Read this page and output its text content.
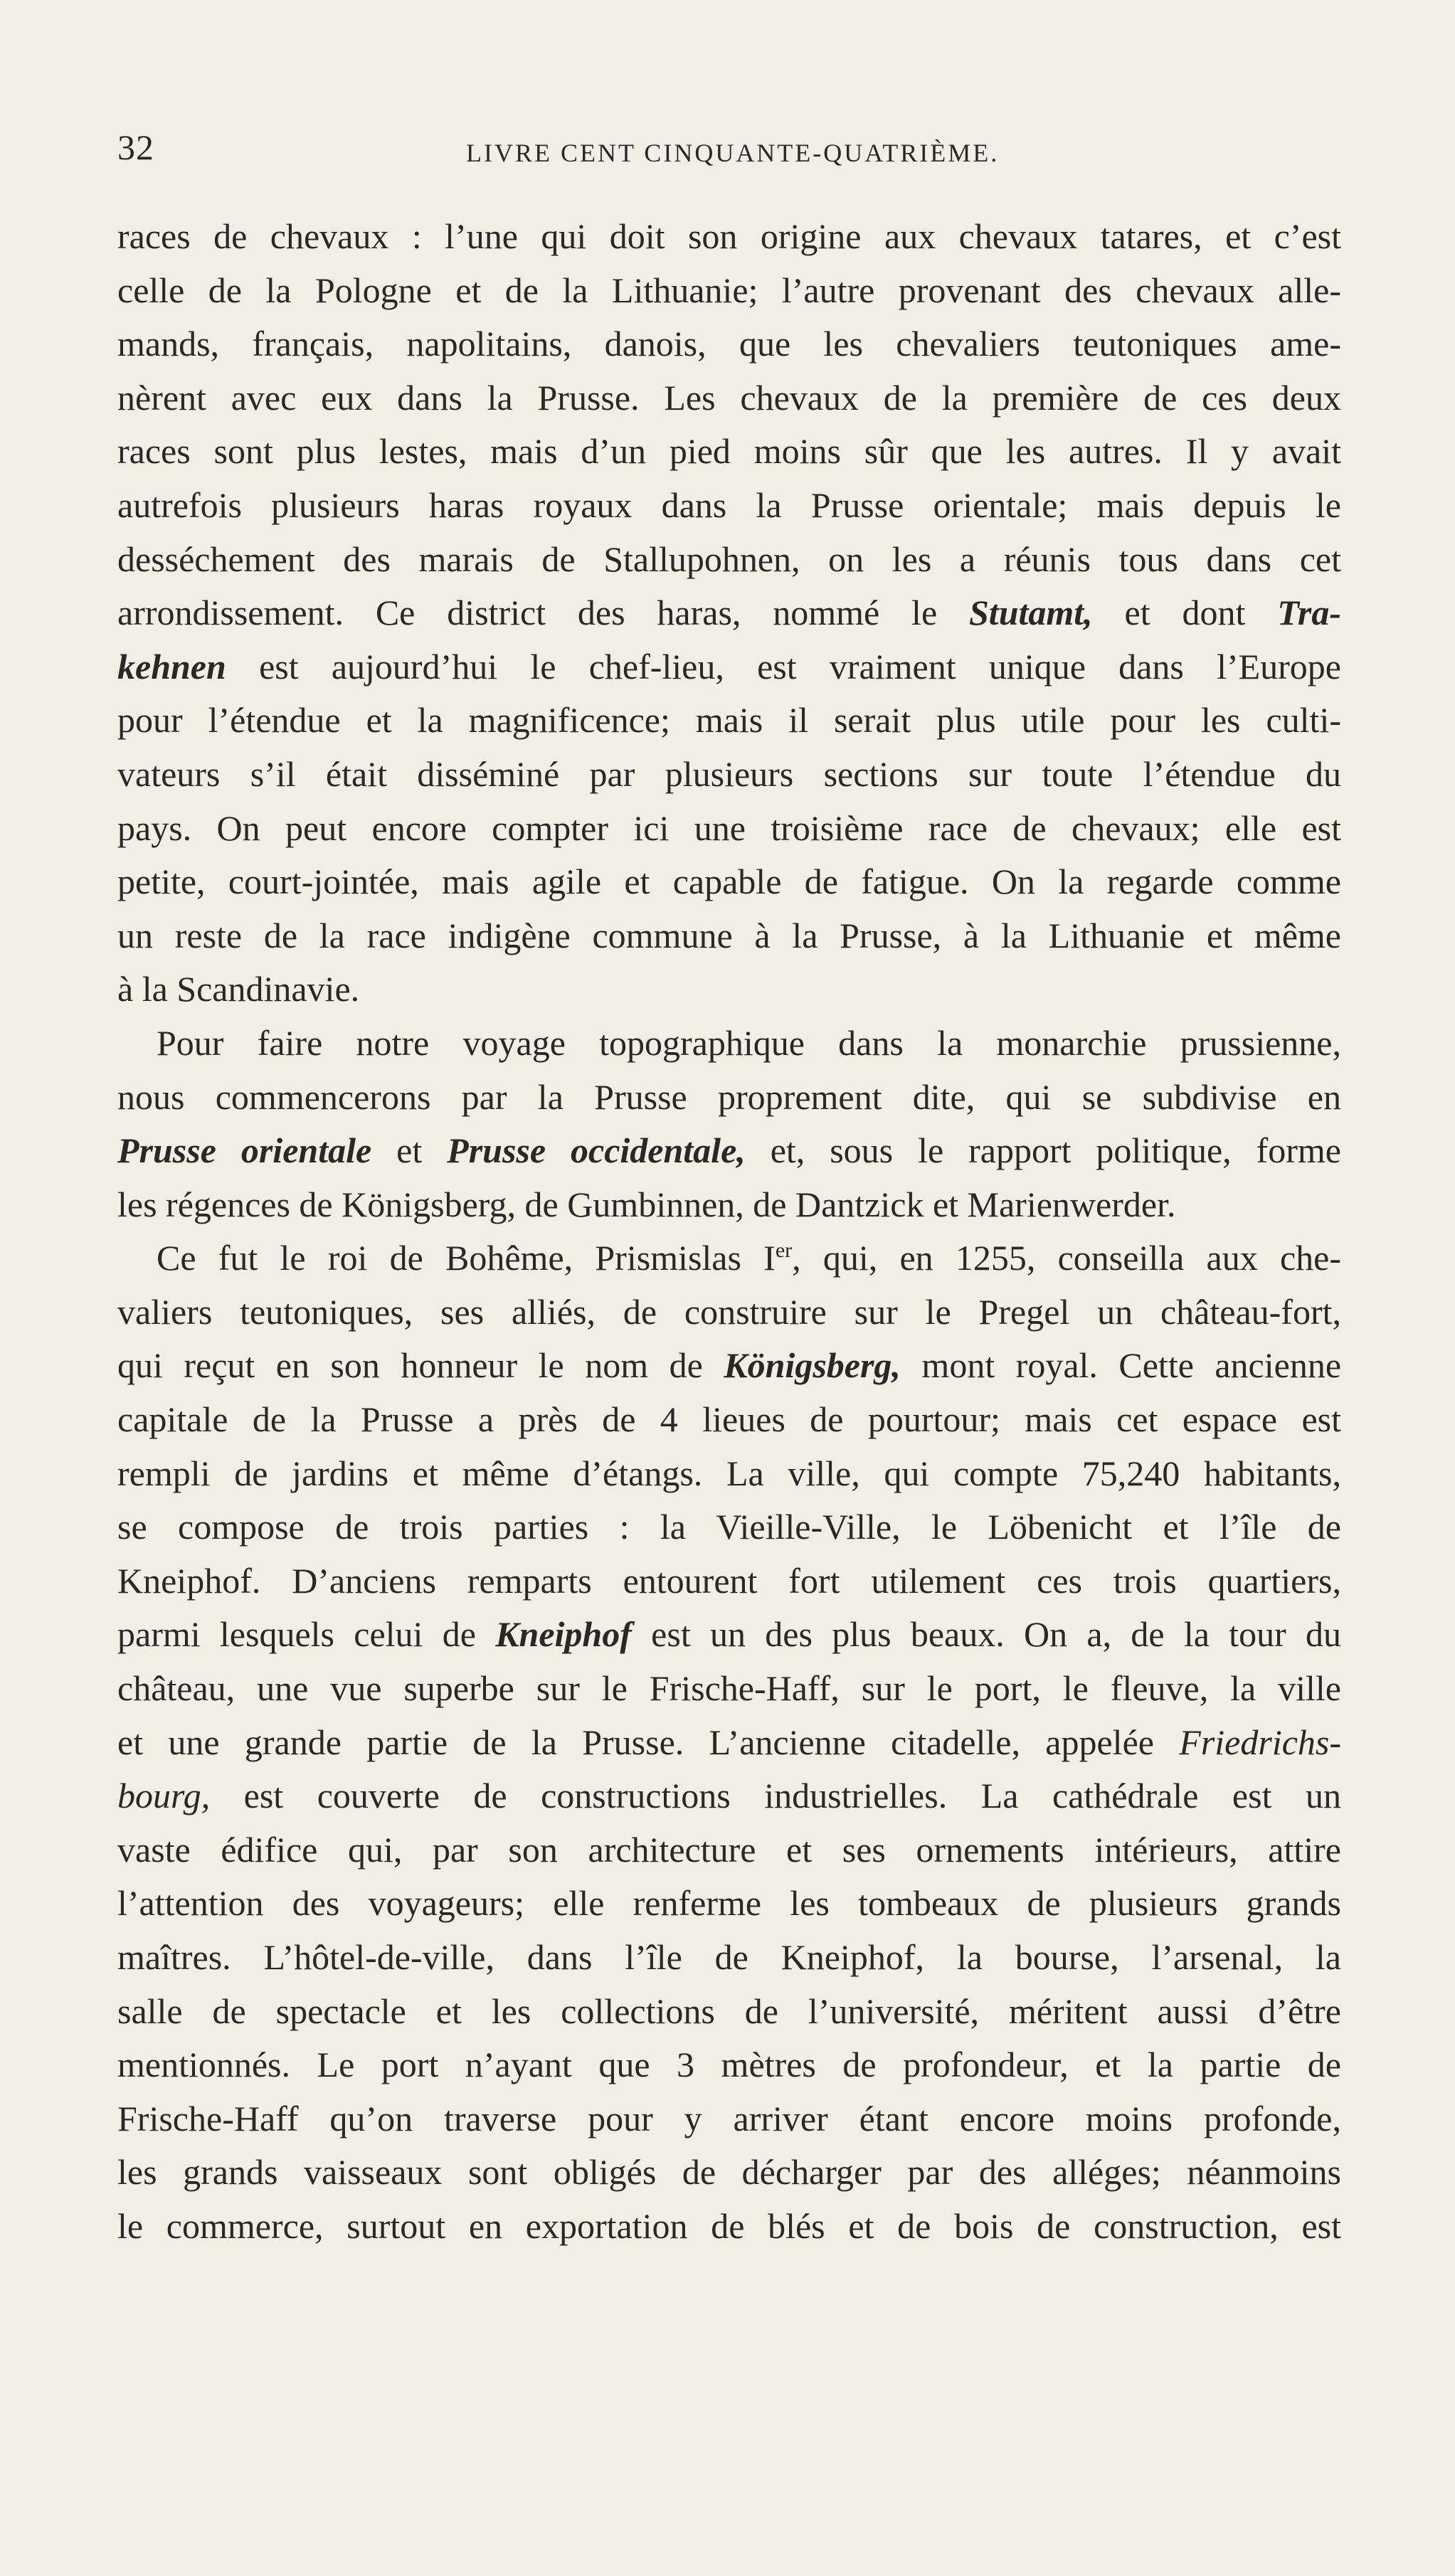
32	LIVRE CENT CINQUANTE-QUATRIÈME.
races de chevaux : l’une qui doit son origine aux chevaux tatares, et c’est
celle de la Pologne et de la Lithuanie; l’autre provenant des chevaux alle-
mands, français, napolitains, danois, que les chevaliers teutoniques ame-
nèrent avec eux dans la Prusse. Les chevaux de la première de ces deux
races sont plus lestes, mais d’un pied moins sûr que les autres. Il y avait
autrefois plusieurs haras royaux dans la Prusse orientale; mais depuis le
desséchement des marais de Stallupohnen, on les a réunis tous dans cet
arrondissement. Ce district des haras, nommé le Stutamt, et dont Tra-
kehnen est aujourd’hui le chef-lieu, est vraiment unique dans l’Europe
pour l’étendue et la magnificence; mais il serait plus utile pour les culti-
vateurs s’il était disséminé par plusieurs sections sur toute l’étendue du
pays. On peut encore compter ici une troisième race de chevaux; elle est
petite, court-jointée, mais agile et capable de fatigue. On la regarde comme
un reste de la race indigène commune à la Prusse, à la Lithuanie et même
à la Scandinavie.
Pour faire notre voyage topographique dans la monarchie prussienne,
nous commencerons par la Prusse proprement dite, qui se subdivise en
Prusse orientale et Prusse occidentale, et, sous le rapport politique, forme
les régences de Königsberg, de Gumbinnen, de Dantzick et Marienwerder.
Ce fut le roi de Bohême, Prismislas Ier, qui, en 1255, conseilla aux che-
valiers teutoniques, ses alliés, de construire sur le Pregel un château-fort,
qui reçut en son honneur le nom de Königsberg, mont royal. Cette ancienne
capitale de la Prusse a près de 4 lieues de pourtour; mais cet espace est
rempli de jardins et même d’étangs. La ville, qui compte 75,240 habitants,
se compose de trois parties : la Vieille-Ville, le Löbenicht et l’île de
Kneiphof. D’anciens remparts entourent fort utilement ces trois quartiers,
parmi lesquels celui de Kneiphof est un des plus beaux. On a, de la tour du
château, une vue superbe sur le Frische-Haff, sur le port, le fleuve, la ville
et une grande partie de la Prusse. L’ancienne citadelle, appelée Friedrichs-
bourg, est couverte de constructions industrielles. La cathédrale est un
vaste édifice qui, par son architecture et ses ornements intérieurs, attire
l’attention des voyageurs; elle renferme les tombeaux de plusieurs grands
maîtres. L’hôtel-de-ville, dans l’île de Kneiphof, la bourse, l’arsenal, la
salle de spectacle et les collections de l’université, méritent aussi d’être
mentionnés. Le port n’ayant que 3 mètres de profondeur, et la partie de
Frische-Haff qu’on traverse pour y arriver étant encore moins profonde,
les grands vaisseaux sont obligés de décharger par des alléges; néanmoins
le commerce, surtout en exportation de blés et de bois de construction, est
